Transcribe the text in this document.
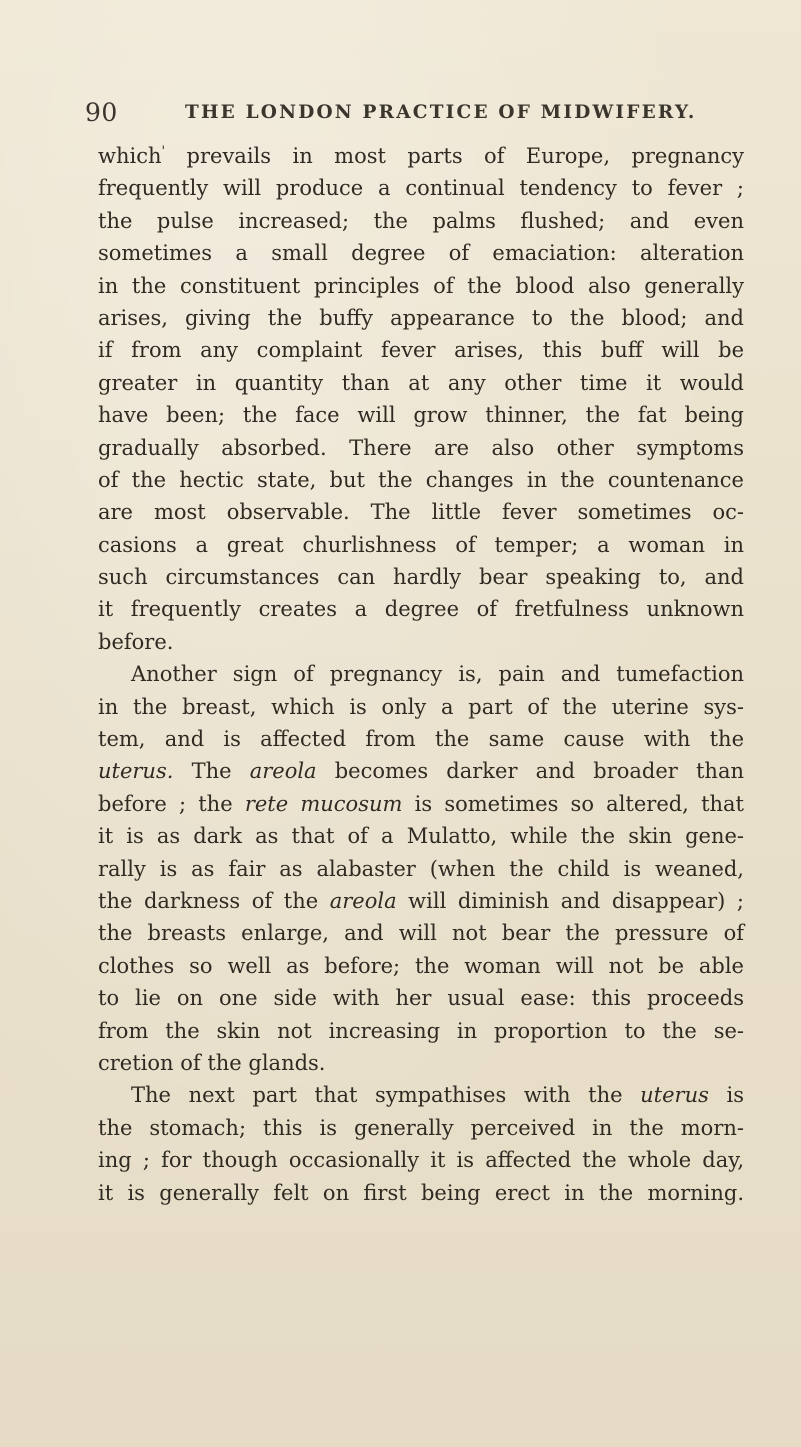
90	THE LONDON PRACTICE OF MIDWIFERY.
which' prevails in most parts of Europe, pregnancy
frequently will produce a continual tendency to fever ;
the pulse increased; the palms flushed; and even
sometimes a small degree of emaciation: alteration
in the constituent principles of the blood also generally
arises, giving the buffy appearance to the blood; and
if from any complaint fever arises, this buff will be
greater in quantity than at any other time it would
have been; the face will grow thinner, the fat being
gradually absorbed. There are also other symptoms
of the hectic state, but the changes in the countenance
are most observable. The little fever sometimes oc-
casions a great churlishness of temper; a woman in
such circumstances can hardly bear speaking to, and
it frequently creates a degree of fretfulness unknown
before.
Another sign of pregnancy is, pain and tumefaction
in the breast, which is only a part of the uterine sys-
tem, and is affected from the same cause with the
uterus. The areola becomes darker and broader than
before ; the rete mucosum is sometimes so altered, that
it is as dark as that of a Mulatto, while the skin gene-
rally is as fair as alabaster (when the child is weaned,
the darkness of the areola will diminish and disappear) ;
the breasts enlarge, and will not bear the pressure of
clothes so well as before; the woman will not be able
to lie on one side with her usual ease: this proceeds
from the skin not increasing in proportion to the se-
cretion of the glands.
The next part that sympathises with the uterus is
the stomach; this is generally perceived in the morn-
ing ; for though occasionally it is affected the whole day,
it is generally felt on first being erect in the morning.
